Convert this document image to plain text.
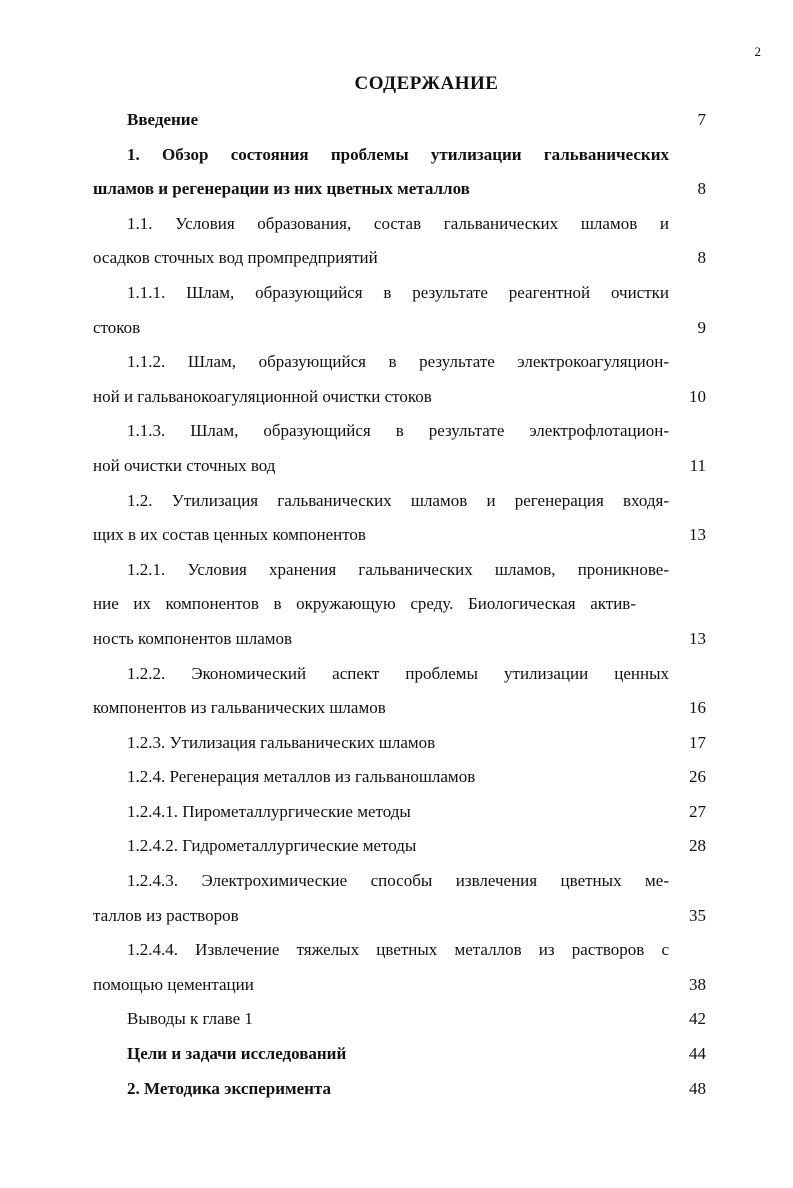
2
СОДЕРЖАНИЕ
Введение	7
1. Обзор состояния проблемы утилизации гальванических
шламов и регенерации из них цветных металлов	8
1.1. Условия образования, состав гальванических шламов и
осадков сточных вод промпредприятий	8
1.1.1. Шлам, образующийся в результате реагентной очистки
стоков	9
1.1.2. Шлам, образующийся в результате электрокоагуляцион-
ной и гальванокоагуляционной очистки стоков	10
1.1.3. Шлам, образующийся в результате электрофлотацион-
ной очистки сточных вод	11
1.2. Утилизация гальванических шламов и регенерация входя-
щих в их состав ценных компонентов	13
1.2.1. Условия хранения гальванических шламов, проникнове-
ние их компонентов в окружающую среду. Биологическая актив-
ность компонентов шламов	13
1.2.2. Экономический аспект проблемы утилизации ценных
компонентов из гальванических шламов	16
1.2.3. Утилизация гальванических шламов	17
1.2.4. Регенерация металлов из гальваношламов	26
1.2.4.1. Пирометаллургические методы	27
1.2.4.2. Гидрометаллургические методы	28
1.2.4.3. Электрохимические способы извлечения цветных ме-
таллов из растворов	35
1.2.4.4. Извлечение тяжелых цветных металлов из растворов с
помощью цементации	38
Выводы к главе 1	42
Цели и задачи исследований	44
2. Методика эксперимента	48
